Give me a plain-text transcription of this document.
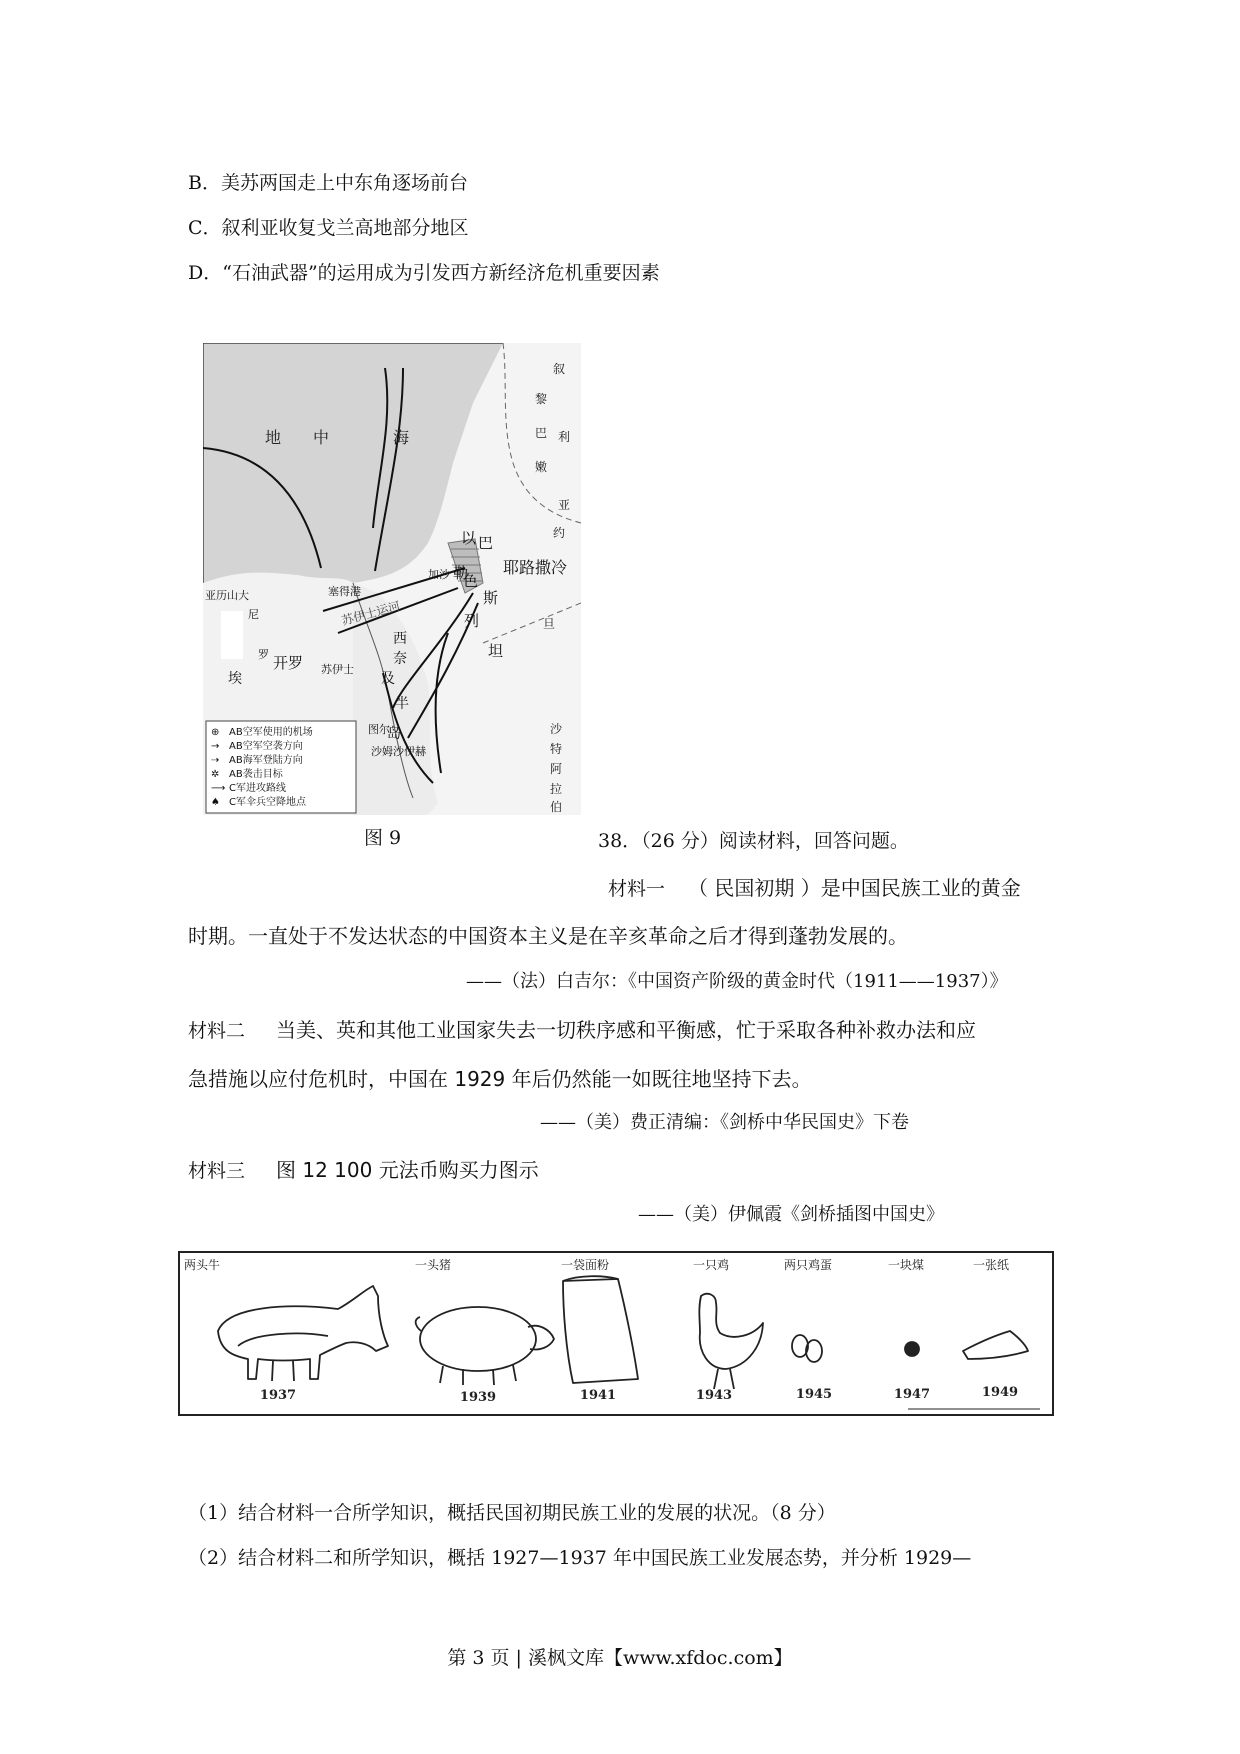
B．美苏两国走上中东角逐场前台
C．叙利亚收复戈兰高地部分地区
D．“石油武器”的运用成为引发西方新经济危机重要因素
地 中	海
叙
利
亚
黎
巴
嫩
旦
约
沙
特
阿
拉
伯
以
色
列
巴
勒
斯
坦
耶路撒冷
加沙
塞得港
亚历山大
尼
罗
苏伊士
图尔
沙姆沙伊赫
苏伊士运河
埃	及
开罗
西
奈
半
岛
⊕ AB空军使用的机场
→ AB空军空袭方向
⇢ AB海军登陆方向
✲ AB袭击目标
⟶ C军进攻路线
♠ C军伞兵空降地点
图 9	38．（26 分）阅读材料，回答问题。
材料一 （ 民国初期 ）是中国民族工业的黄金
时期。一直处于不发达状态的中国资本主义是在辛亥革命之后才得到蓬勃发展的。
——（法）白吉尔：《中国资产阶级的黄金时代（1911——1937）》
材料二 当美、英和其他工业国家失去一切秩序感和平衡感，忙于采取各种补救办法和应
急措施以应付危机时，中国在 1929 年后仍然能一如既往地坚持下去。
——（美）费正清编：《剑桥中华民国史》下卷
材料三 图 12 100 元法币购买力图示
——（美）伊佩霞《剑桥插图中国史》
两头牛	一头猪	一袋面粉	一只鸡	两只鸡蛋	一块煤	一张纸
1937	1939	1941	1943	1945	1947	1949
（1）结合材料一合所学知识，概括民国初期民族工业的发展的状况。（8 分）
（2）结合材料二和所学知识，概括 1927—1937 年中国民族工业发展态势，并分析 1929—
第 3 页 | 溪枫文库【www.xfdoc.com】
